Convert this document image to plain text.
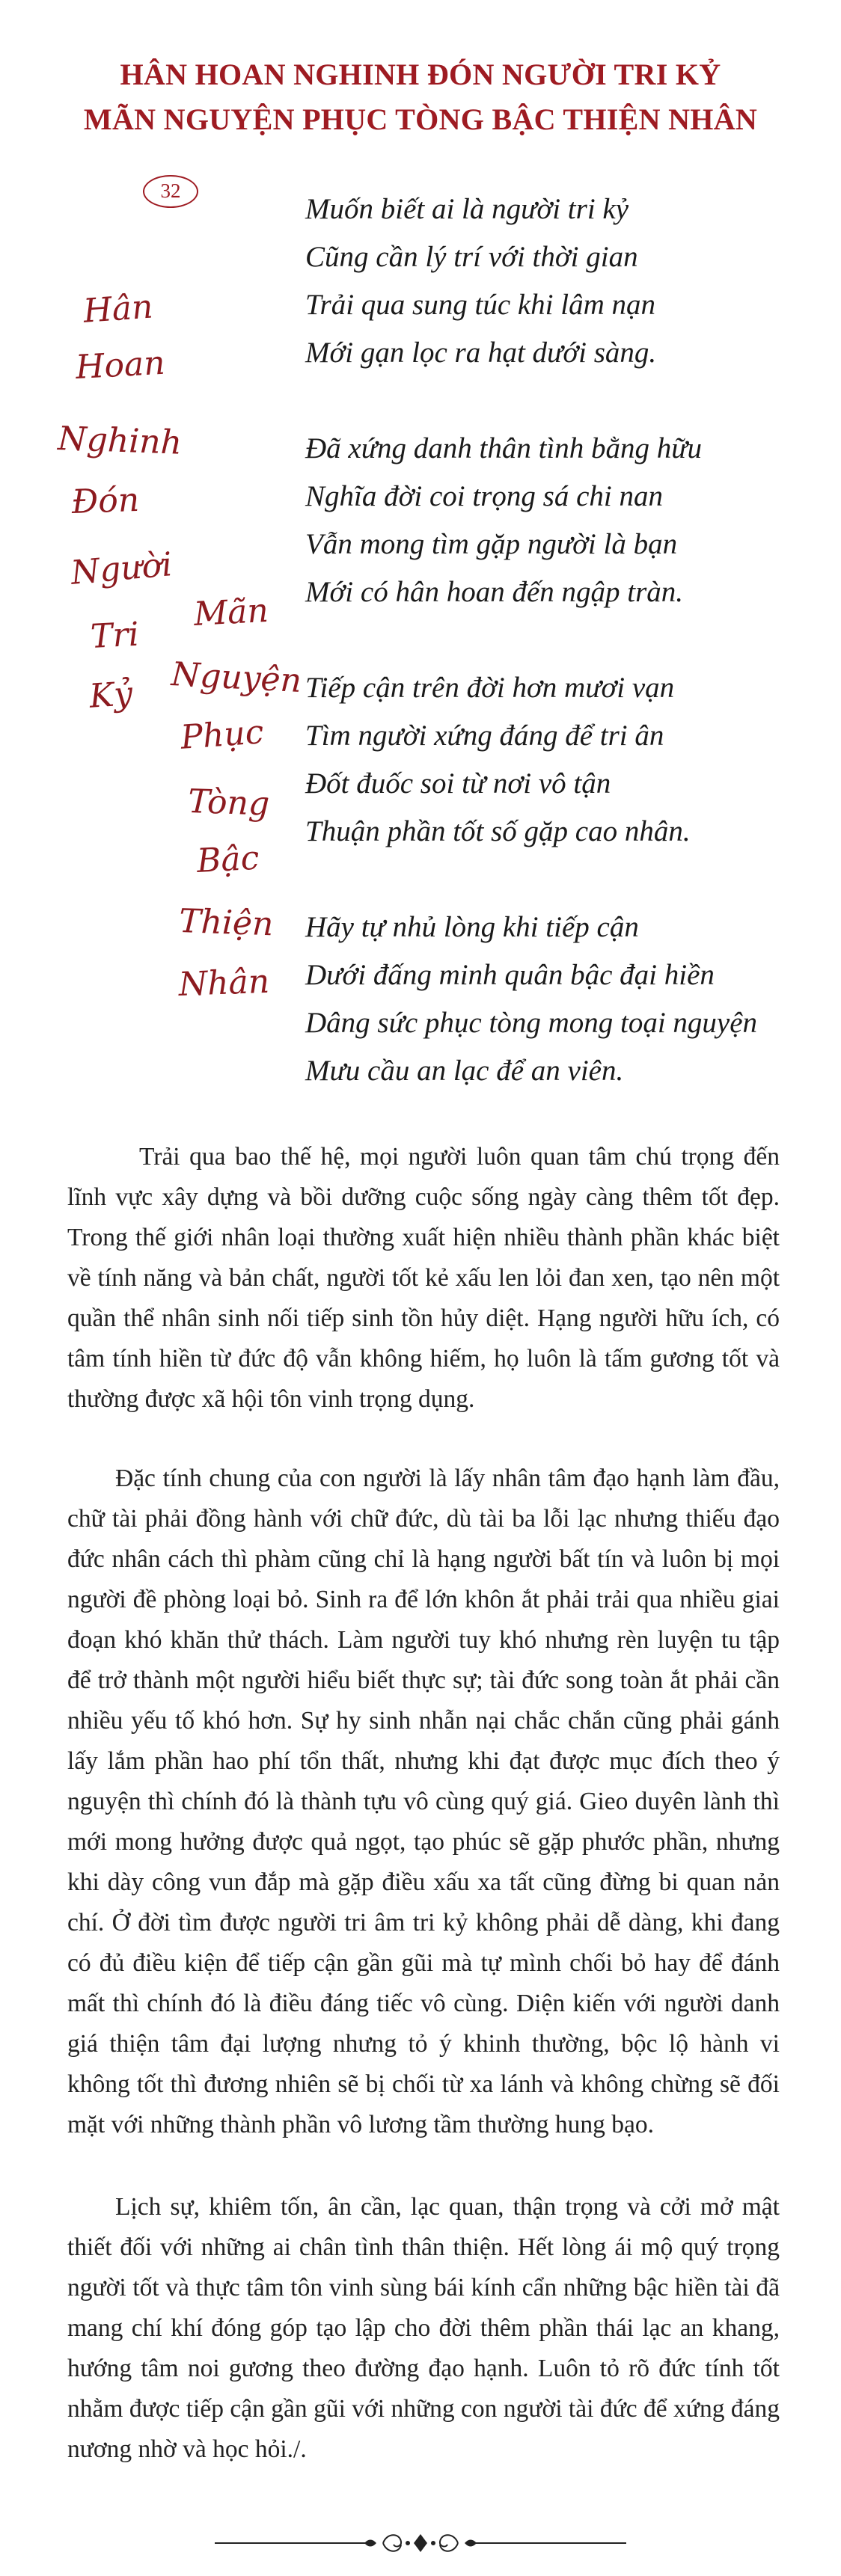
HÂN HOAN NGHINH ĐÓN NGƯỜI TRI KỶ
MÃN NGUYỆN PHỤC TÒNG BẬC THIỆN NHÂN
32
Hân
Hoan
Nghinh
Đón
Người
Tri
Kỷ
Mãn
Nguyện
Phục
Tòng
Bậc
Thiện
Nhân
Muốn biết ai là người tri kỷ
Cũng cần lý trí với thời gian
Trải qua sung túc khi lâm nạn
Mới gạn lọc ra hạt dưới sàng.
Đã xứng danh thân tình bằng hữu
Nghĩa đời coi trọng sá chi nan
Vẫn mong tìm gặp người là bạn
Mới có hân hoan đến ngập tràn.
Tiếp cận trên đời hơn mươi vạn
Tìm người xứng đáng để tri ân
Đốt đuốc soi từ nơi vô tận
Thuận phần tốt số gặp cao nhân.
Hãy tự nhủ lòng khi tiếp cận
Dưới đấng minh quân bậc đại hiền
Dâng sức phục tòng mong toại nguyện
Mưu cầu an lạc để an viên.
Trải qua bao thế hệ, mọi người luôn quan tâm chú trọng đến lĩnh vực xây dựng và bồi dưỡng cuộc sống ngày càng thêm tốt đẹp. Trong thế giới nhân loại thường xuất hiện nhiều thành phần khác biệt về tính năng và bản chất, người tốt kẻ xấu len lỏi đan xen, tạo nên một quần thể nhân sinh nối tiếp sinh tồn hủy diệt. Hạng người hữu ích, có tâm tính hiền từ đức độ vẫn không hiếm, họ luôn là tấm gương tốt và thường được xã hội tôn vinh trọng dụng.
Đặc tính chung của con người là lấy nhân tâm đạo hạnh làm đầu, chữ tài phải đồng hành với chữ đức, dù tài ba lỗi lạc nhưng thiếu đạo đức nhân cách thì phàm cũng chỉ là hạng người bất tín và luôn bị mọi người đề phòng loại bỏ. Sinh ra để lớn khôn ắt phải trải qua nhiều giai đoạn khó khăn thử thách. Làm người tuy khó nhưng rèn luyện tu tập để trở thành một người hiểu biết thực sự; tài đức song toàn ắt phải cần nhiều yếu tố khó hơn. Sự hy sinh nhẫn nại chắc chắn cũng phải gánh lấy lắm phần hao phí tổn thất, nhưng khi đạt được mục đích theo ý nguyện thì chính đó là thành tựu vô cùng quý giá. Gieo duyên lành thì mới mong hưởng được quả ngọt, tạo phúc sẽ gặp phước phần, nhưng khi dày công vun đắp mà gặp điều xấu xa tất cũng đừng bi quan nản chí. Ở đời tìm được người tri âm tri kỷ không phải dễ dàng, khi đang có đủ điều kiện để tiếp cận gần gũi mà tự mình chối bỏ hay để đánh mất thì chính đó là điều đáng tiếc vô cùng. Diện kiến với người danh giá thiện tâm đại lượng nhưng tỏ ý khinh thường, bộc lộ hành vi không tốt thì đương nhiên sẽ bị chối từ xa lánh và không chừng sẽ đối mặt với những thành phần vô lương tầm thường hung bạo.
Lịch sự, khiêm tốn, ân cần, lạc quan, thận trọng và cởi mở mật thiết đối với những ai chân tình thân thiện. Hết lòng ái mộ quý trọng người tốt và thực tâm tôn vinh sùng bái kính cẩn những bậc hiền tài đã mang chí khí đóng góp tạo lập cho đời thêm phần thái lạc an khang, hướng tâm noi gương theo đường đạo hạnh. Luôn tỏ rõ đức tính tốt nhằm được tiếp cận gần gũi với những con người tài đức để xứng đáng nương nhờ và học hỏi./.
